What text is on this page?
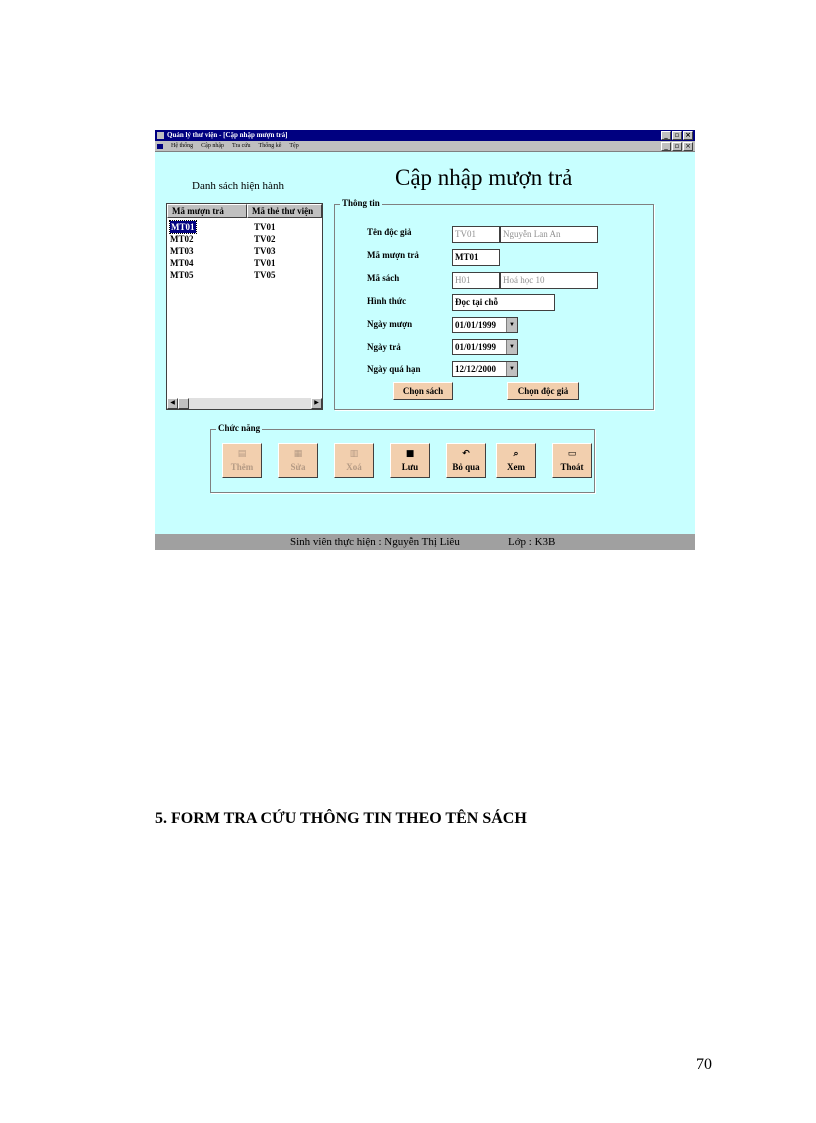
Quản lý thư viện - [Cập nhập mượn trả]	_ ▫ ×
Hệ thống Cập nhập Tra cứu Thống kê Tệp	_ ▫ ×
Cập nhập mượn trả
Danh sách hiện hành
Mã mượn trả	Mã thẻ thư viện
MT01	TV01
MT02	TV02
MT03	TV03
MT04	TV01
MT05	TV05
◀	▶
Thông tin
Tên độc giả	TV01	Nguyễn Lan An
Mã mượn trả	MT01
Mã sách	H01	Hoá học 10
Hình thức	Đọc tại chỗ
Ngày mượn	01/01/1999	▼
Ngày trả	01/01/1999	▼
Ngày quá hạn	12/12/2000	▼
Chọn sách	Chọn độc giả
Chức năng
▤
Thêm
▦
Sửa
▥
Xoá
■
Lưu
↶
Bỏ qua
⌕
Xem
▭
Thoát
Sinh viên thực hiện : Nguyễn Thị Liêu	Lớp : K3B
5. FORM TRA CỨU THÔNG TIN THEO TÊN SÁCH
70
